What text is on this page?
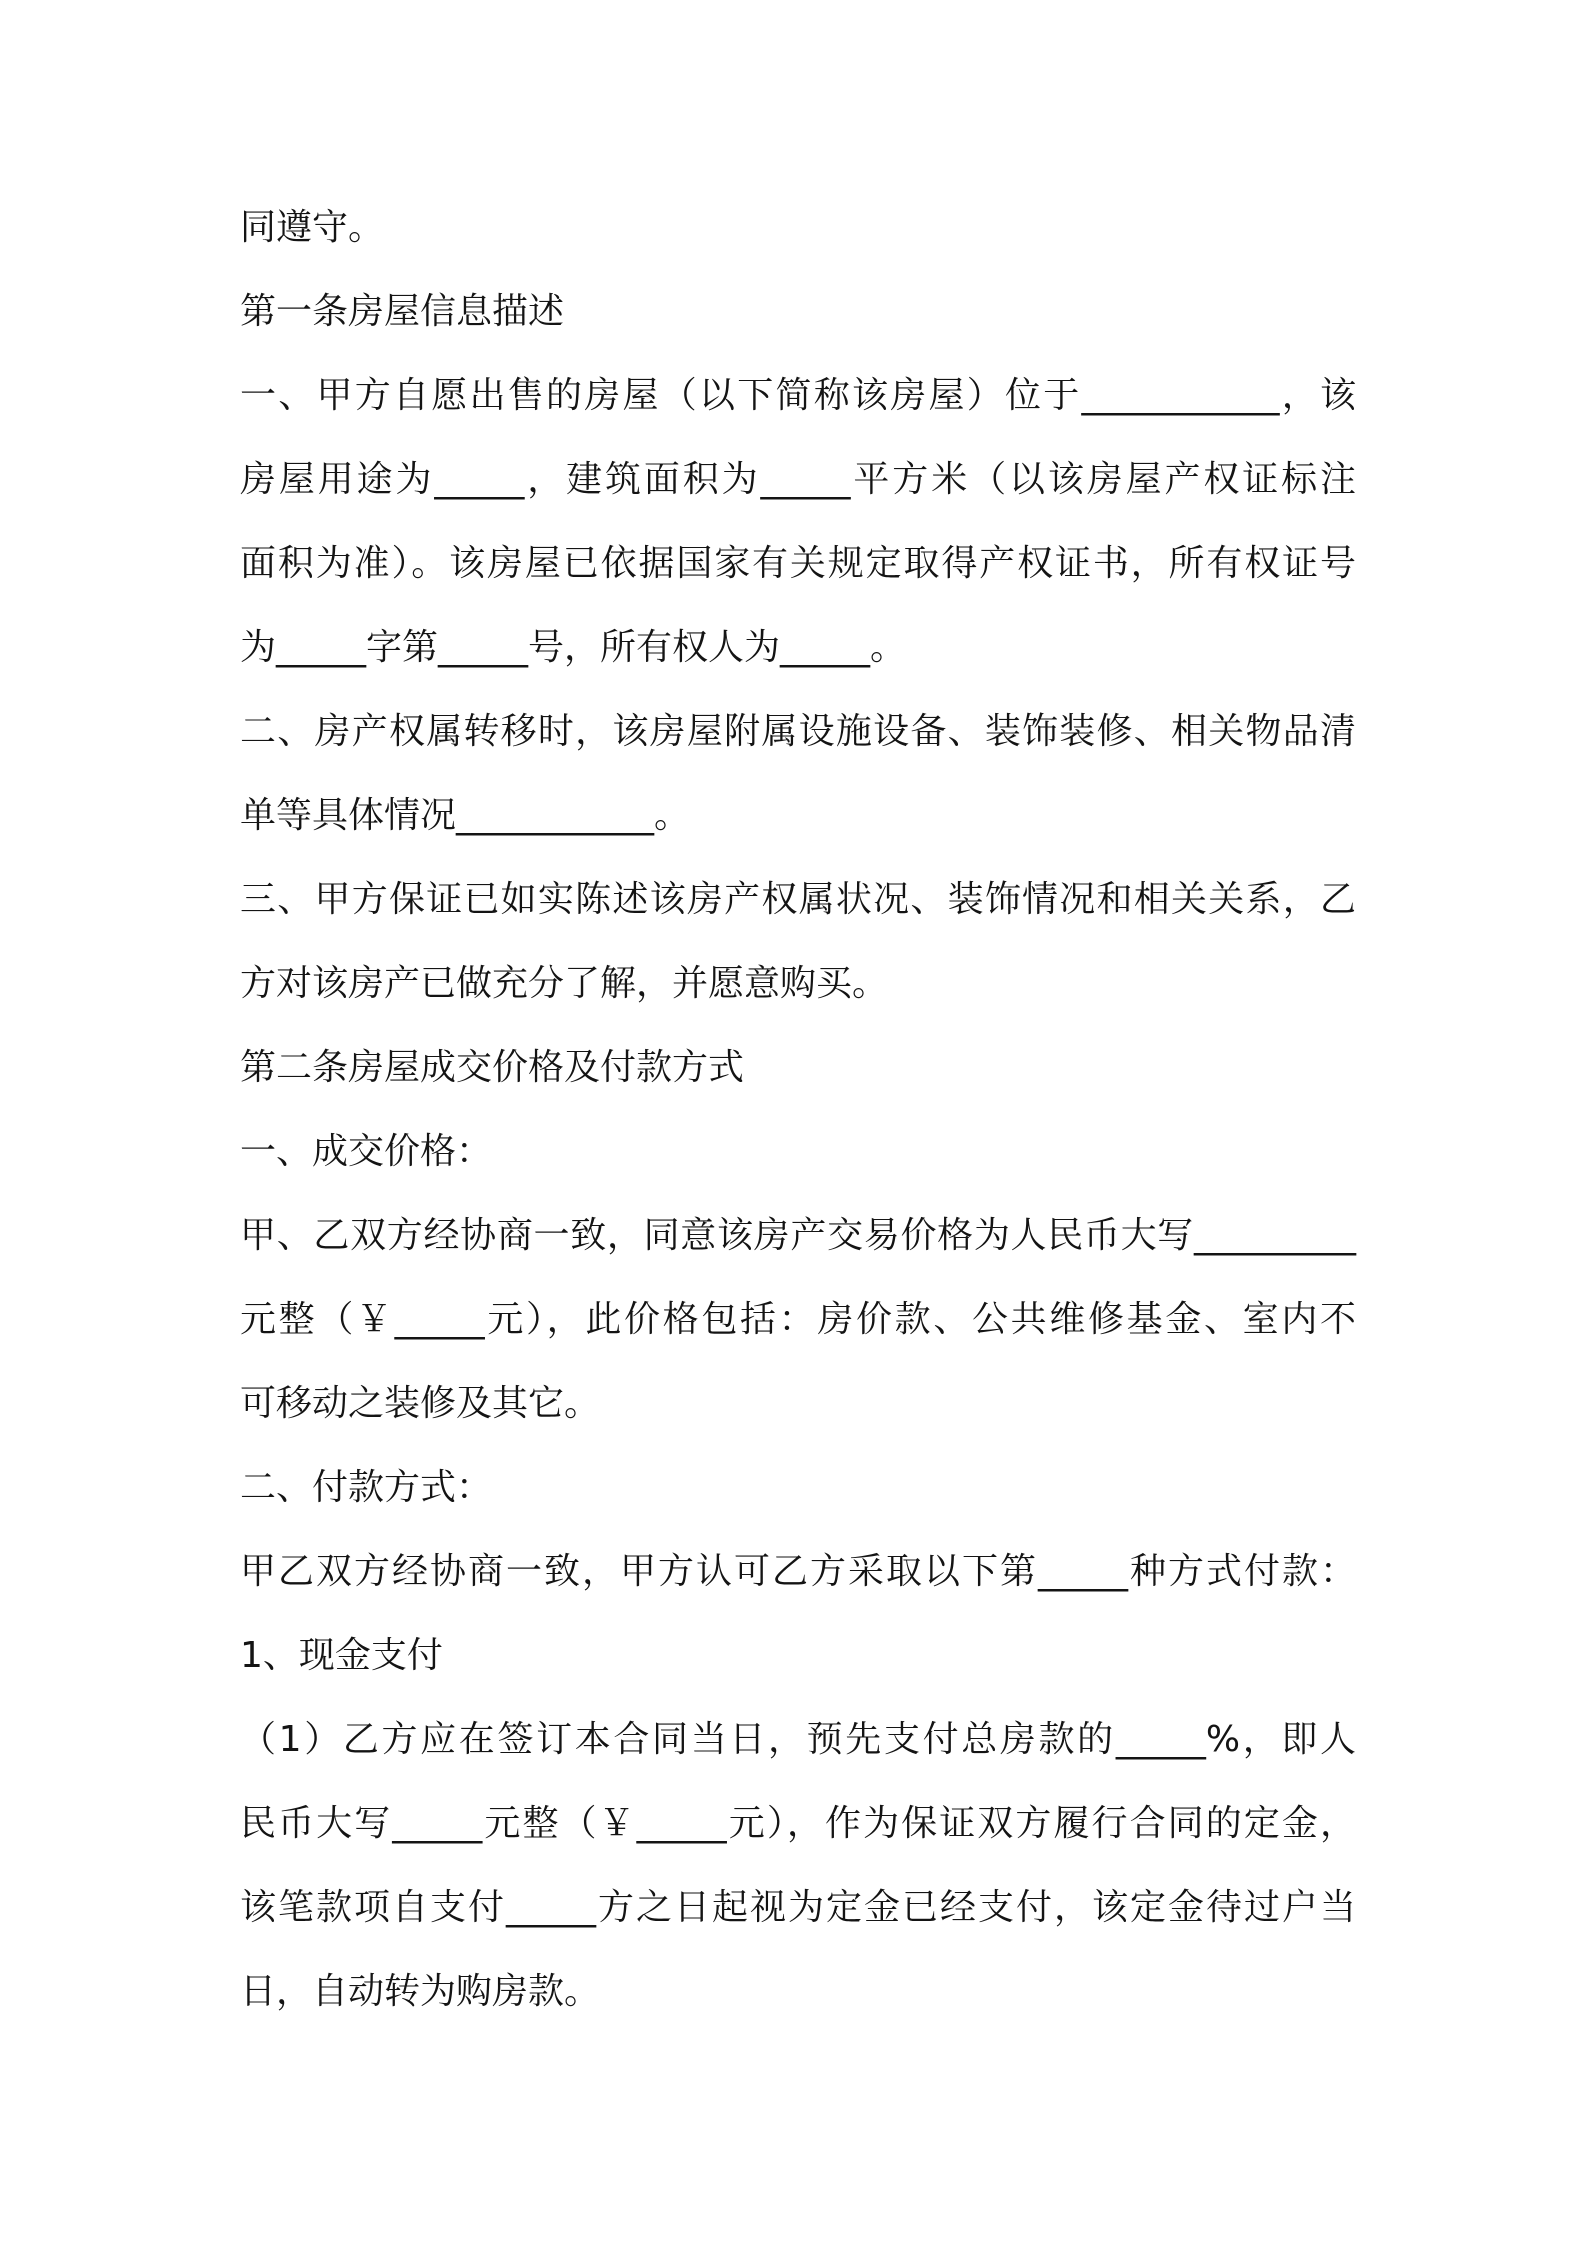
同遵守。
第一条房屋信息描述
一、甲方自愿出售的房屋（以下简称该房屋）位于___________，该
房屋用途为_____，建筑面积为_____平方米（以该房屋产权证标注
面积为准）。该房屋已依据国家有关规定取得产权证书，所有权证号
为_____字第_____号，所有权人为_____。
二、房产权属转移时，该房屋附属设施设备、装饰装修、相关物品清
单等具体情况___________。
三、甲方保证已如实陈述该房产权属状况、装饰情况和相关关系，乙
方对该房产已做充分了解，并愿意购买。
第二条房屋成交价格及付款方式
一、成交价格：
甲、乙双方经协商一致，同意该房产交易价格为人民币大写_________
元整（￥_____元），此价格包括：房价款、公共维修基金、室内不
可移动之装修及其它。
二、付款方式：
甲乙双方经协商一致，甲方认可乙方采取以下第_____种方式付款：
1、现金支付
（1）乙方应在签订本合同当日，预先支付总房款的_____%，即人
民币大写_____元整（￥_____元），作为保证双方履行合同的定金，
该笔款项自支付_____方之日起视为定金已经支付，该定金待过户当
日，自动转为购房款。
